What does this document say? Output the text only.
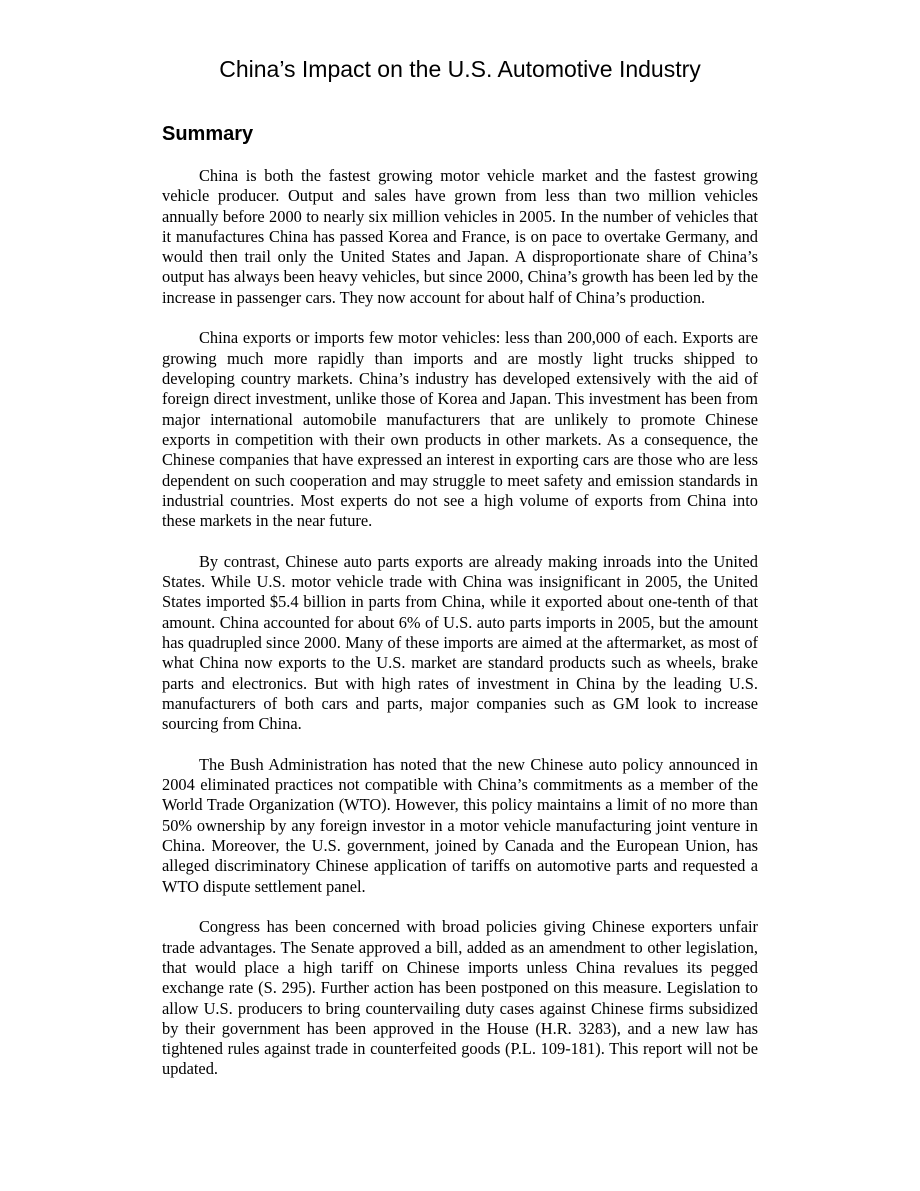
China’s Impact on the U.S. Automotive Industry
Summary

China is both the fastest growing motor vehicle market and the fastest growing vehicle producer. Output and sales have grown from less than two million vehicles annually before 2000 to nearly six million vehicles in 2005. In the number of vehicles that it manufactures China has passed Korea and France, is on pace to overtake Germany, and would then trail only the United States and Japan. A disproportionate share of China’s output has always been heavy vehicles, but since 2000, China’s growth has been led by the increase in passenger cars. They now account for about half of China’s production.

China exports or imports few motor vehicles: less than 200,000 of each. Exports are growing much more rapidly than imports and are mostly light trucks shipped to developing country markets. China’s industry has developed extensively with the aid of foreign direct investment, unlike those of Korea and Japan. This investment has been from major international automobile manufacturers that are unlikely to promote Chinese exports in competition with their own products in other markets. As a consequence, the Chinese companies that have expressed an interest in exporting cars are those who are less dependent on such cooperation and may struggle to meet safety and emission standards in industrial countries. Most experts do not see a high volume of exports from China into these markets in the near future.

By contrast, Chinese auto parts exports are already making inroads into the United States. While U.S. motor vehicle trade with China was insignificant in 2005, the United States imported $5.4 billion in parts from China, while it exported about one-tenth of that amount. China accounted for about 6% of U.S. auto parts imports in 2005, but the amount has quadrupled since 2000. Many of these imports are aimed at the aftermarket, as most of what China now exports to the U.S. market are standard products such as wheels, brake parts and electronics. But with high rates of investment in China by the leading U.S. manufacturers of both cars and parts, major companies such as GM look to increase sourcing from China.

The Bush Administration has noted that the new Chinese auto policy announced in 2004 eliminated practices not compatible with China’s commitments as a member of the World Trade Organization (WTO). However, this policy maintains a limit of no more than 50% ownership by any foreign investor in a motor vehicle manufacturing joint venture in China. Moreover, the U.S. government, joined by Canada and the European Union, has alleged discriminatory Chinese application of tariffs on automotive parts and requested a WTO dispute settlement panel.

Congress has been concerned with broad policies giving Chinese exporters unfair trade advantages. The Senate approved a bill, added as an amendment to other legislation, that would place a high tariff on Chinese imports unless China revalues its pegged exchange rate (S. 295). Further action has been postponed on this measure. Legislation to allow U.S. producers to bring countervailing duty cases against Chinese firms subsidized by their government has been approved in the House (H.R. 3283), and a new law has tightened rules against trade in counterfeited goods (P.L. 109-181). This report will not be updated.
